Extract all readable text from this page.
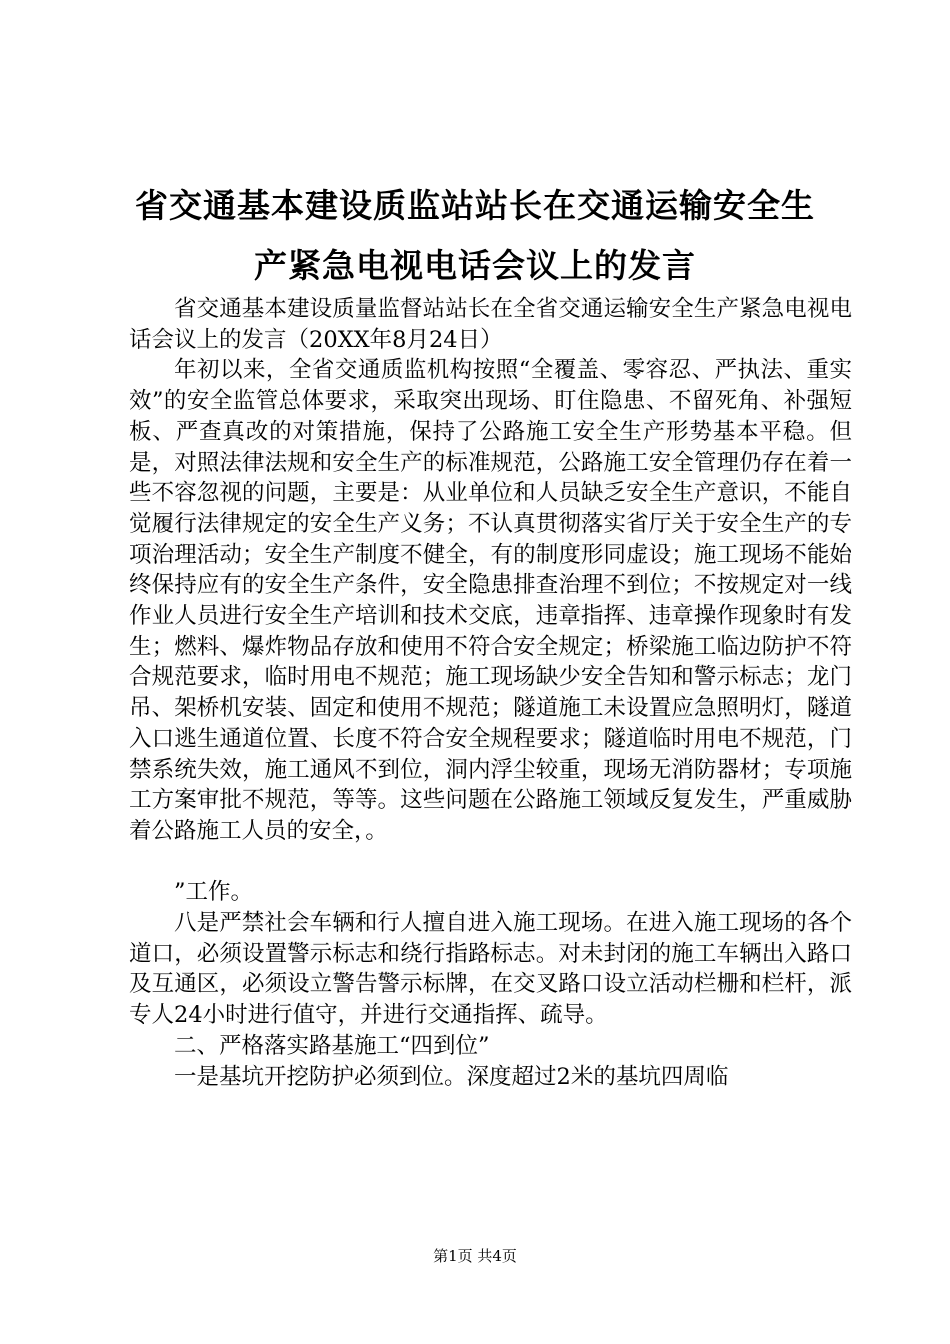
省交通基本建设质监站站长在交通运输安全生
产紧急电视电话会议上的发言

省交通基本建设质量监督站站长在全省交通运输安全生产紧急电视电话会议上的发言（20XX年8月24日）

年初以来，全省交通质监机构按照“全覆盖、零容忍、严执法、重实效”的安全监管总体要求，采取突出现场、盯住隐患、不留死角、补强短板、严查真改的对策措施，保持了公路施工安全生产形势基本平稳。但是，对照法律法规和安全生产的标准规范，公路施工安全管理仍存在着一些不容忽视的问题，主要是：从业单位和人员缺乏安全生产意识，不能自觉履行法律规定的安全生产义务；不认真贯彻落实省厅关于安全生产的专项治理活动；安全生产制度不健全，有的制度形同虚设；施工现场不能始终保持应有的安全生产条件，安全隐患排查治理不到位；不按规定对一线作业人员进行安全生产培训和技术交底，违章指挥、违章操作现象时有发生；燃料、爆炸物品存放和使用不符合安全规定；桥梁施工临边防护不符合规范要求，临时用电不规范；施工现场缺少安全告知和警示标志；龙门吊、架桥机安装、固定和使用不规范；隧道施工未设置应急照明灯，隧道入口逃生通道位置、长度不符合安全规程要求；隧道临时用电不规范，门禁系统失效，施工通风不到位，洞内浮尘较重，现场无消防器材；专项施工方案审批不规范，等等。这些问题在公路施工领域反复发生，严重威胁着公路施工人员的安全，。

”工作。

八是严禁社会车辆和行人擅自进入施工现场。在进入施工现场的各个道口，必须设置警示标志和绕行指路标志。对未封闭的施工车辆出入路口及互通区，必须设立警告警示标牌，在交叉路口设立活动栏栅和栏杆，派专人24小时进行值守，并进行交通指挥、疏导。

二、严格落实路基施工“四到位”

一是基坑开挖防护必须到位。深度超过2米的基坑四周临

第1页 共4页
